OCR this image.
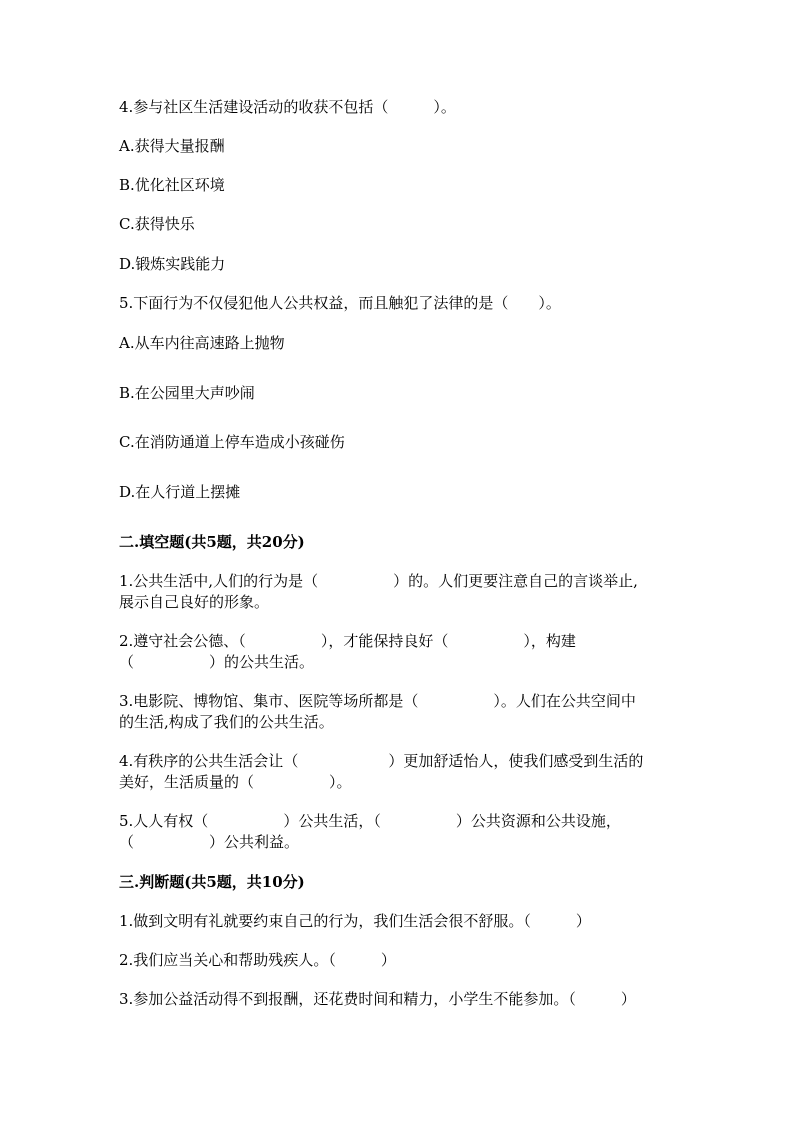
4.参与社区生活建设活动的收获不包括（　　　）。
A.获得大量报酬
B.优化社区环境
C.获得快乐
D.锻炼实践能力
5.下面行为不仅侵犯他人公共权益，而且触犯了法律的是（　　）。
A.从车内往高速路上抛物
B.在公园里大声吵闹
C.在消防通道上停车造成小孩碰伤
D.在人行道上摆摊
二.填空题(共5题，共20分)
1.公共生活中,人们的行为是（　　　　　）的。人们更要注意自己的言谈举止,
展示自己良好的形象。
2.遵守社会公德、（　　　　　），才能保持良好（　　　　　），构建
（　　　　　）的公共生活。
3.电影院、博物馆、集市、医院等场所都是（　　　　　）。人们在公共空间中
的生活,构成了我们的公共生活。
4.有秩序的公共生活会让（　　　　　　）更加舒适怡人，使我们感受到生活的
美好，生活质量的（　　　　　）。
5.人人有权（　　　　　）公共生活，（　　　　　）公共资源和公共设施，
（　　　　　）公共利益。
三.判断题(共5题，共10分)
1.做到文明有礼就要约束自己的行为，我们生活会很不舒服。（　　　）
2.我们应当关心和帮助残疾人。（　　　）
3.参加公益活动得不到报酬，还花费时间和精力，小学生不能参加。（　　　）
